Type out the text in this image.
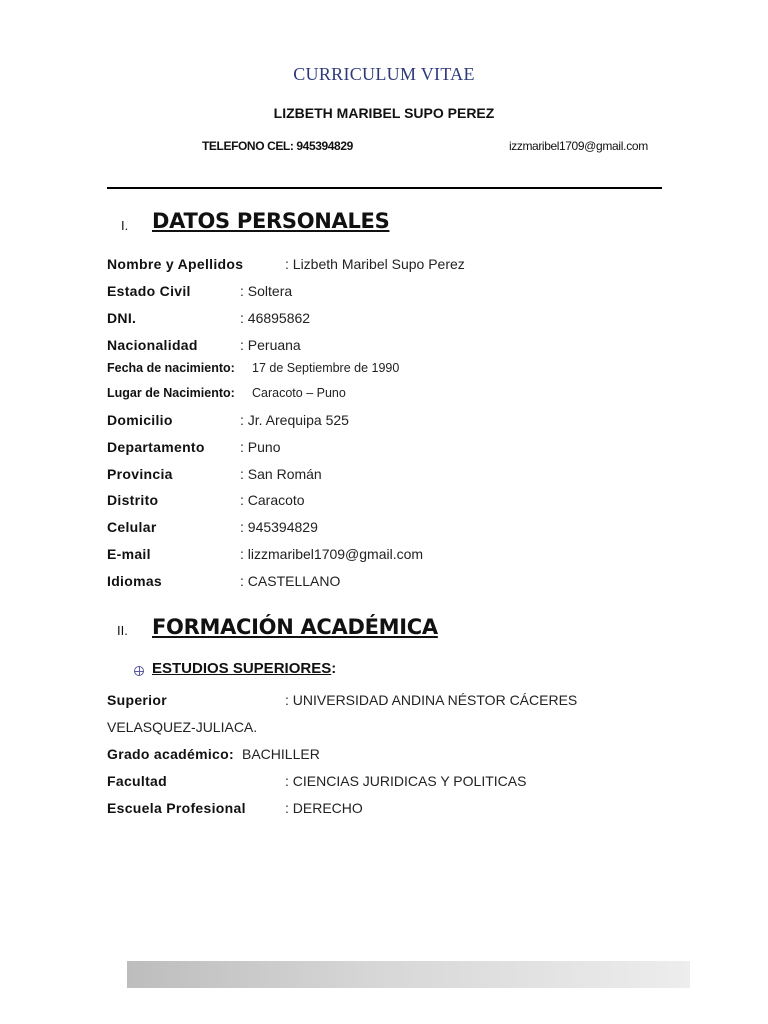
CURRICULUM VITAE
LIZBETH MARIBEL SUPO PEREZ
TELEFONO CEL: 945394829	izzmaribel1709@gmail.com
I. DATOS PERSONALES
Nombre y Apellidos	: Lizbeth Maribel Supo Perez
Estado Civil	: Soltera
DNI.	: 46895862
Nacionalidad	: Peruana
Fecha de nacimiento: 17 de Septiembre de 1990
Lugar de Nacimiento: Caracoto – Puno
Domicilio	: Jr. Arequipa 525
Departamento	: Puno
Provincia	: San Román
Distrito	: Caracoto
Celular	: 945394829
E-mail	: lizzmaribel1709@gmail.com
Idiomas	: CASTELLANO
II. FORMACIÓN ACADÉMICA
ESTUDIOS SUPERIORES:
Superior	: UNIVERSIDAD ANDINA NÉSTOR CÁCERES
VELASQUEZ-JULIACA.
Grado académico: BACHILLER
Facultad	: CIENCIAS JURIDICAS Y POLITICAS
Escuela Profesional	: DERECHO
